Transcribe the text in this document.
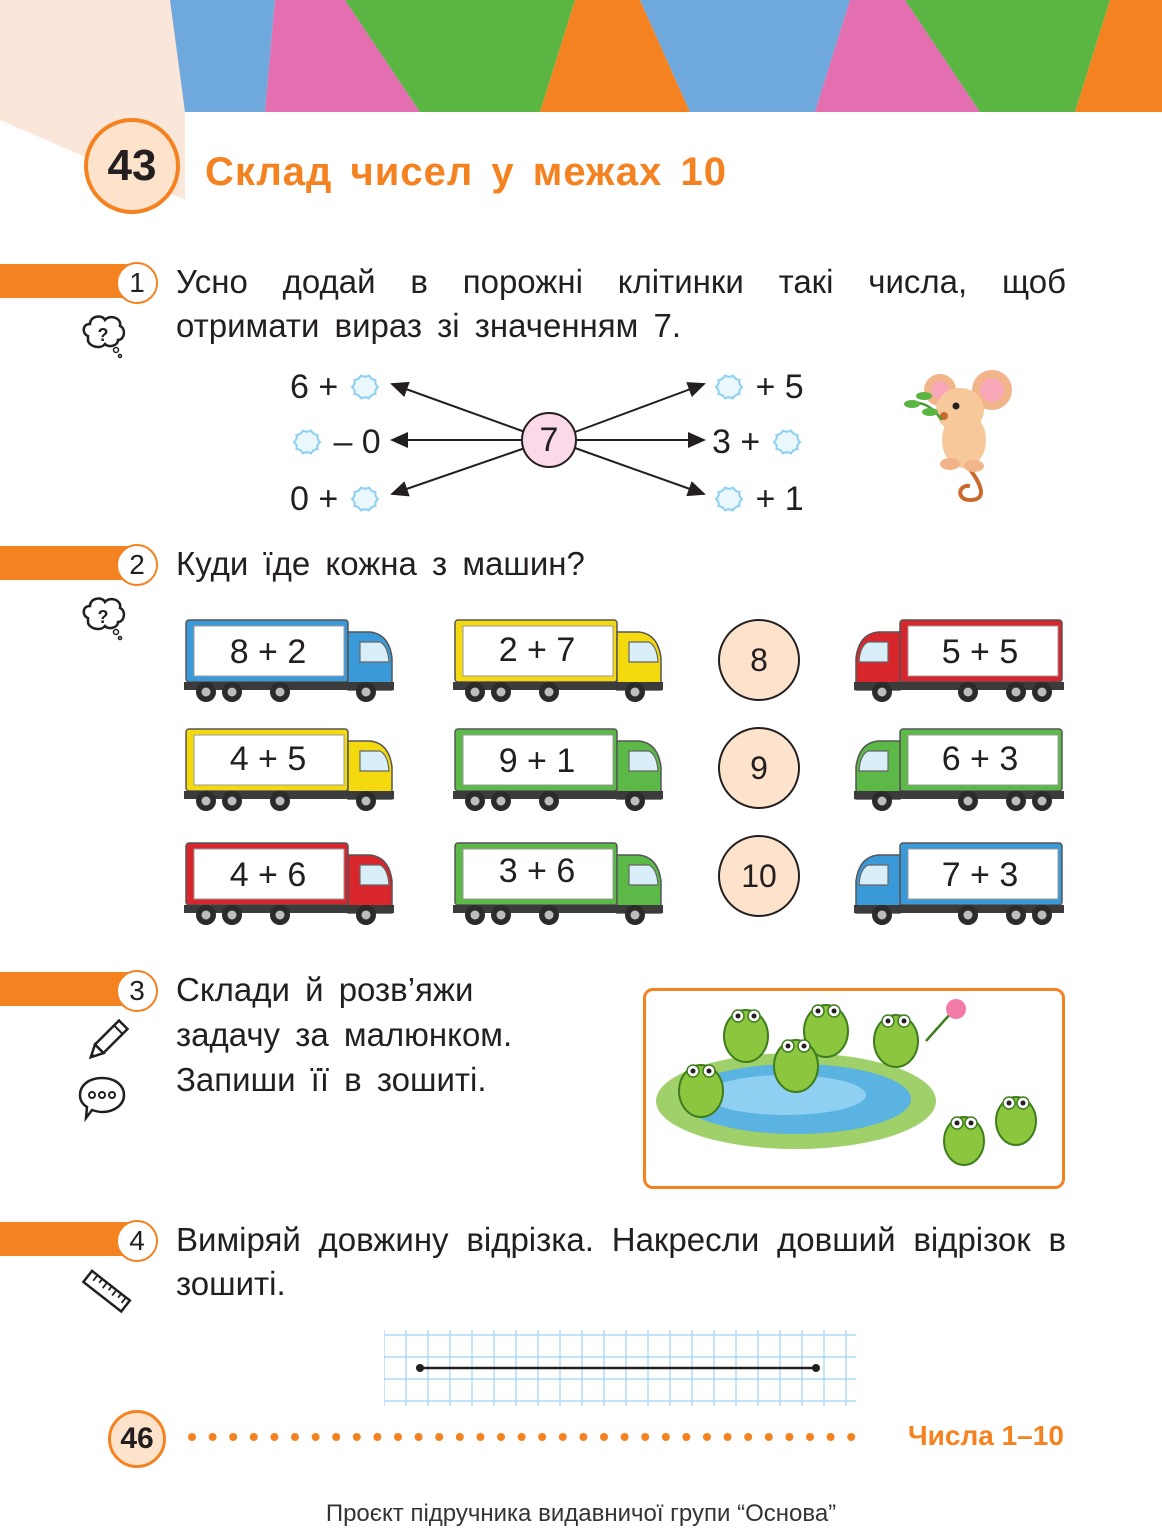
43	Склад чисел у межах 10
1
?
Усно додай в порожні клітинки такі числа, щоб отримати вираз зі значенням 7.
7
6 +
– 0
0 +
+ 5
3 +
+ 1
2
?
Куди їде кожна з машин?
8 + 2	2 + 7	5 + 5
4 + 5	9 + 1	6 + 3
4 + 6	3 + 6	7 + 3
8
9
10
3 Склади й розв’яжи
задачу за малюнком.
Запиши її в зошиті.
4 Виміряй довжину відрізка. Накресли довший відрізок в зошиті.
46	Числа 1–10
Проєкт підручника видавничої групи “Основа”
